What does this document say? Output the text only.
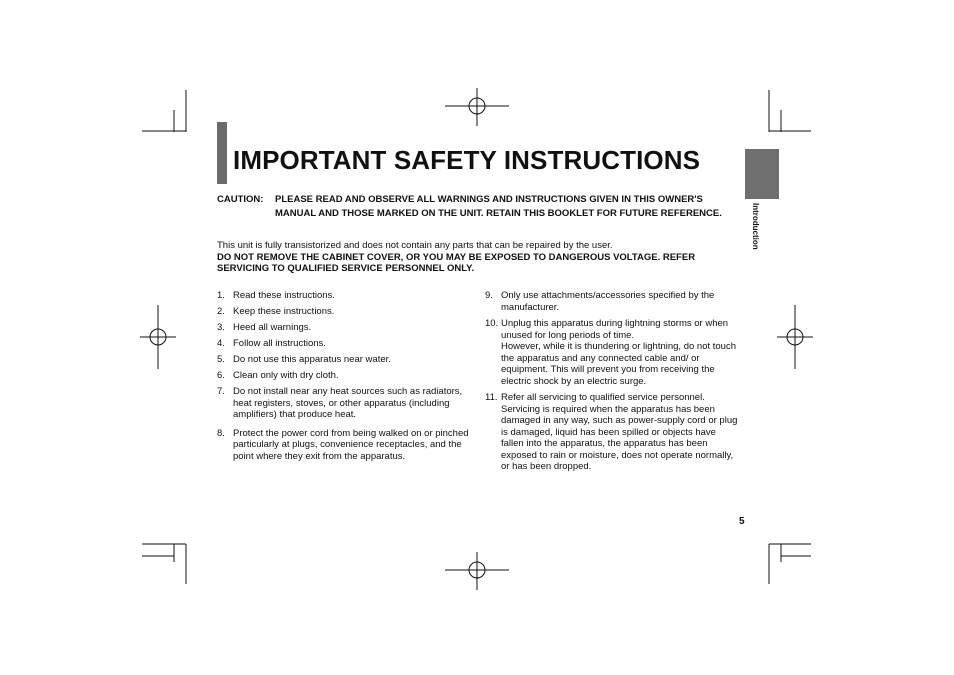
IMPORTANT SAFETY INSTRUCTIONS
Introduction
CAUTION: PLEASE READ AND OBSERVE ALL WARNINGS AND INSTRUCTIONS GIVEN IN THIS OWNER'S MANUAL AND THOSE MARKED ON THE UNIT. RETAIN THIS BOOKLET FOR FUTURE REFERENCE.
This unit is fully transistorized and does not contain any parts that can be repaired by the user.
DO NOT REMOVE THE CABINET COVER, OR YOU MAY BE EXPOSED TO DANGEROUS VOLTAGE. REFER SERVICING TO QUALIFIED SERVICE PERSONNEL ONLY.
1. Read these instructions.
2. Keep these instructions.
3. Heed all warnings.
4. Follow all instructions.
5. Do not use this apparatus near water.
6. Clean only with dry cloth.
7. Do not install near any heat sources such as radiators, heat registers, stoves, or other apparatus (including amplifiers) that produce heat.
8. Protect the power cord from being walked on or pinched particularly at plugs, convenience receptacles, and the point where they exit from the apparatus.
9. Only use attachments/accessories specified by the manufacturer.
10. Unplug this apparatus during lightning storms or when unused for long periods of time.
However, while it is thundering or lightning, do not touch the apparatus and any connected cable and/ or equipment. This will prevent you from receiving the electric shock by an electric surge.
11. Refer all servicing to qualified service personnel. Servicing is required when the apparatus has been damaged in any way, such as power-supply cord or plug is damaged, liquid has been spilled or objects have fallen into the apparatus, the apparatus has been exposed to rain or moisture, does not operate normally, or has been dropped.
5
